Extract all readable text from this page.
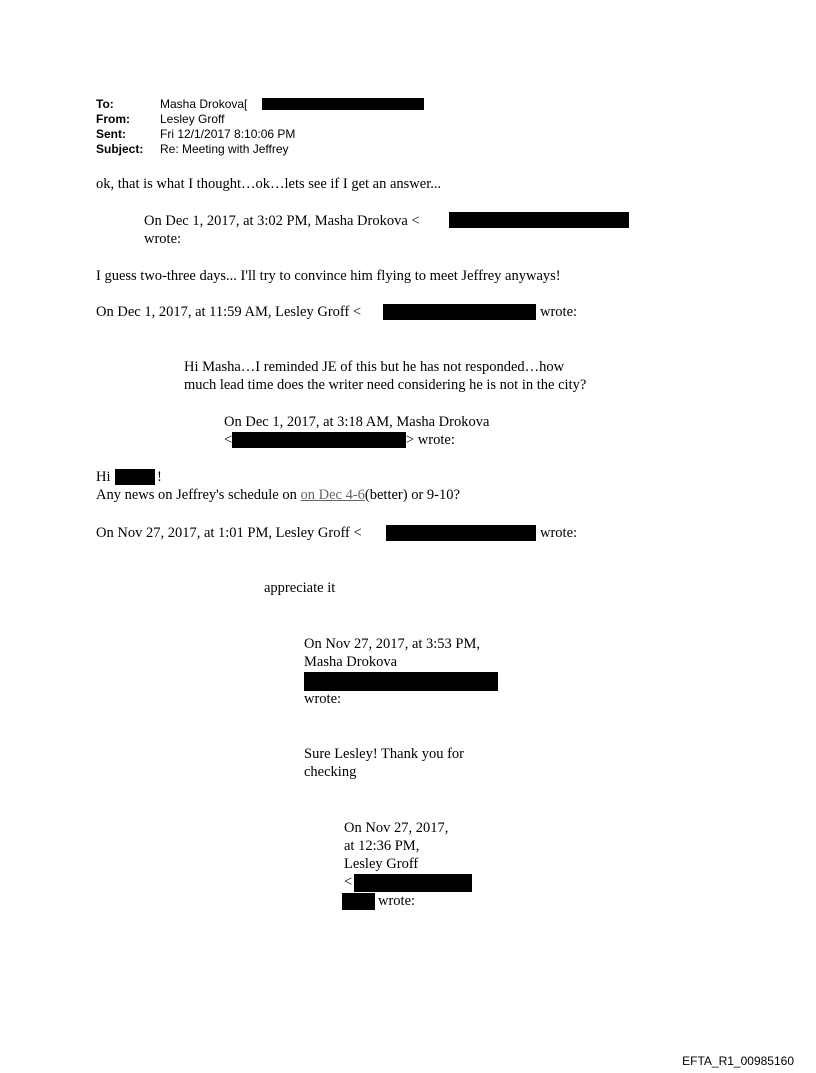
To:	Masha Drokova[
From:	Lesley Groff
Sent:	Fri 12/1/2017 8:10:06 PM
Subject: Re: Meeting with Jeffrey
ok, that is what I thought…ok…lets see if I get an answer...
On Dec 1, 2017, at 3:02 PM, Masha Drokova <
wrote:
I guess two-three days... I'll try to convince him flying to meet Jeffrey anyways!
On Dec 1, 2017, at 11:59 AM, Lesley Groff <	wrote:
Hi Masha…I reminded JE of this but he has not responded…how
much lead time does the writer need considering he is not in the city?
On Dec 1, 2017, at 3:18 AM, Masha Drokova
<	> wrote:
Hi	!
Any news on Jeffrey's schedule on on Dec 4-6(better) or 9-10?
On Nov 27, 2017, at 1:01 PM, Lesley Groff <	wrote:
appreciate it
On Nov 27, 2017, at 3:53 PM,
Masha Drokova
wrote:
Sure Lesley! Thank you for
checking
On Nov 27, 2017,
at 12:36 PM,
Lesley Groff
<
wrote:
EFTA_R1_00985160
